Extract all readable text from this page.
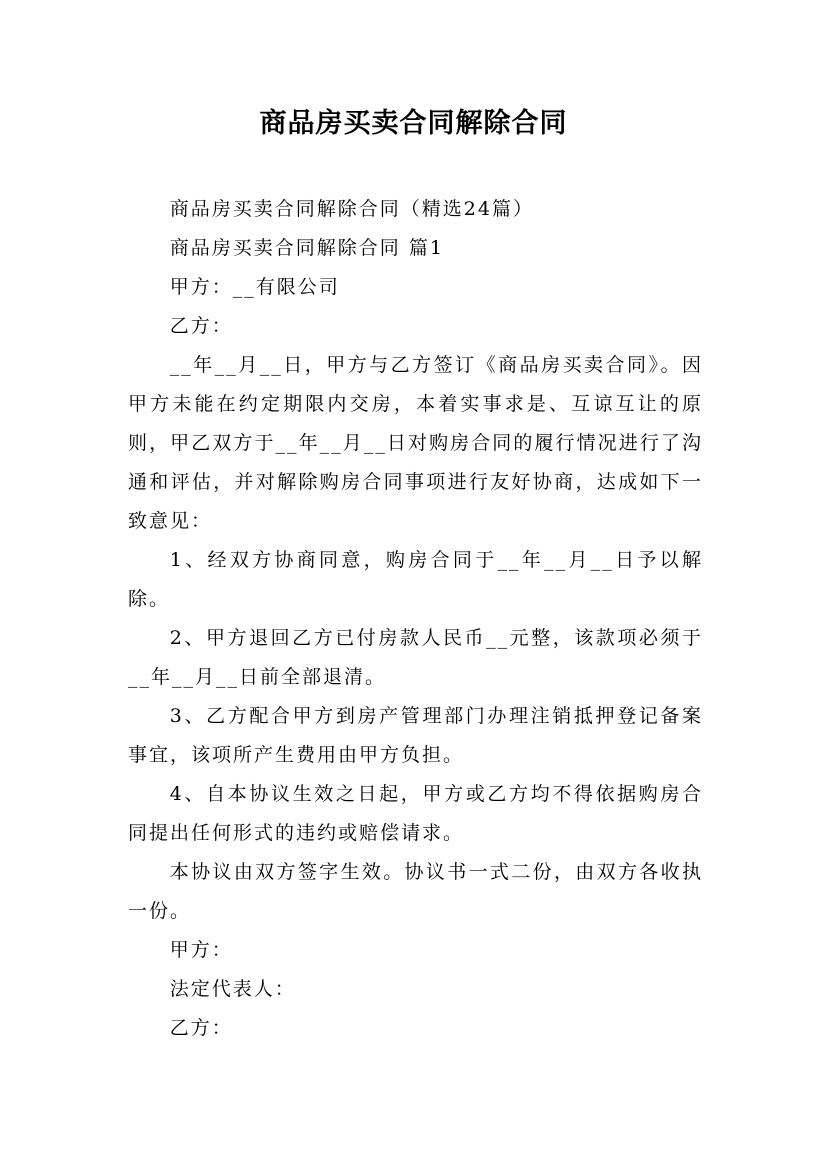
商品房买卖合同解除合同

商品房买卖合同解除合同（精选24篇）

商品房买卖合同解除合同 篇1

甲方：__有限公司

乙方：

__年__月__日，甲方与乙方签订《商品房买卖合同》。因甲方未能在约定期限内交房，本着实事求是、互谅互让的原则，甲乙双方于__年__月__日对购房合同的履行情况进行了沟通和评估，并对解除购房合同事项进行友好协商，达成如下一致意见：

1、经双方协商同意，购房合同于__年__月__日予以解除。

2、甲方退回乙方已付房款人民币__元整，该款项必须于__年__月__日前全部退清。

3、乙方配合甲方到房产管理部门办理注销抵押登记备案事宜，该项所产生费用由甲方负担。

4、自本协议生效之日起，甲方或乙方均不得依据购房合同提出任何形式的违约或赔偿请求。

本协议由双方签字生效。协议书一式二份，由双方各收执一份。

甲方：

法定代表人：

乙方：
